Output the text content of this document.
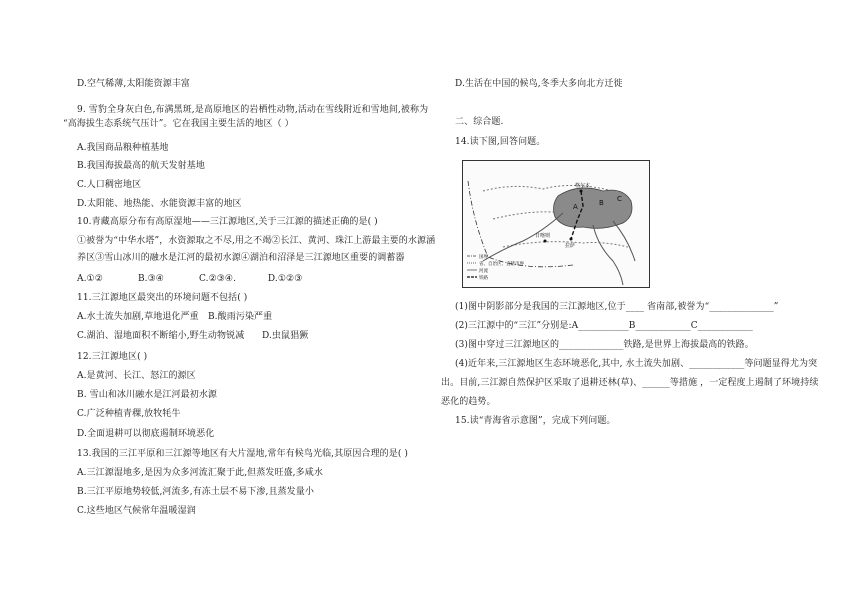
D.空气稀薄,太阳能资源丰富
9. 雪豹全身灰白色,布满黑斑,是高原地区的岩栖性动物,活动在雪线附近和雪地间,被称为
“高海拔生态系统气压计”。它在我国主要生活的地区（ ）
A.我国商品粮种植基地
B.我国海拔最高的航天发射基地
C.人口稠密地区
D.太阳能、地热能、水能资源丰富的地区
10.青藏高原分布有高原湿地——三江源地区,关于三江源的描述正确的是( )
①被誉为“中华水塔”，水资源取之不尽,用之不竭②长江、黄河、珠江上游最主要的水源涵
养区③雪山冰川的融水是江河的最初水源④湖泊和沼泽是三江源地区重要的调蓄器
A.①②	B.③④	C.②③④.	D.①②③
11.三江源地区最突出的环境问题不包括( )
A.水土流失加剧,草地退化严重 B.酸雨污染严重
C.湖泊、湿地面积不断缩小,野生动物锐减 D.虫鼠猖獗
12.三江源地区( )
A.是黄河、长江、怒江的源区
B. 雪山和冰川融水是江河最初水源
C.广泛种植青稞,放牧牦牛
D.全面退耕可以彻底遏制环境恶化
13.我国的三江平原和三江源等地区有大片湿地,常年有候鸟光临,其原因合理的是( )
A.三江源湿地多,是因为众多河流汇聚于此,但蒸发旺盛,多咸水
B.三江平原地势较低,河流多,有冻土层不易下渗,且蒸发量小
C.这些地区气候常年温暖湿润
D.生活在中国的候鸟,冬季大多向北方迁徙
二、综合题.
14.读下图,回答问题。
A	B C
格尔木
日喀则
拉萨
国界
省、自治区、直辖市界
河流
铁路
(1)图中阴影部分是我国的三江源地区,位于____ 省南部,被誉为“______________”
(2)三江源中的“三江”分别是:A___________B____________C____________
(3)图中穿过三江源地区的______________铁路,是世界上海拔最高的铁路。
(4)近年来,三江源地区生态环境恶化,其中, 水土流失加剧、____________等问题显得尤为突
出。目前,三江源自然保护区采取了退耕还林(草)、______等措施 ，一定程度上遏制了环境持续
恶化的趋势。
15.读“青海省示意图”，完成下列问题。
